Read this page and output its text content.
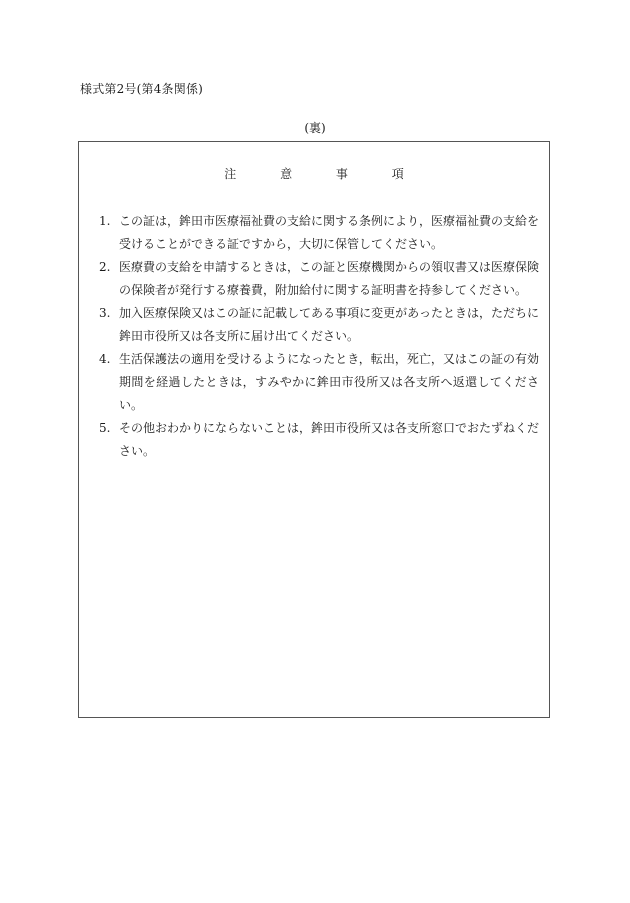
様式第2号(第4条関係)
(裏)
注	意	事	項
1. この証は，鉾田市医療福祉費の支給に関する条例により，医療福祉費の支給を受けることができる証ですから，大切に保管してください。
2. 医療費の支給を申請するときは，この証と医療機関からの領収書又は医療保険の保険者が発行する療養費，附加給付に関する証明書を持参してください。
3. 加入医療保険又はこの証に記載してある事項に変更があったときは，ただちに鉾田市役所又は各支所に届け出てください。
4. 生活保護法の適用を受けるようになったとき，転出，死亡，又はこの証の有効期間を経過したときは，すみやかに鉾田市役所又は各支所へ返還してください。
5. その他おわかりにならないことは，鉾田市役所又は各支所窓口でおたずねください。
